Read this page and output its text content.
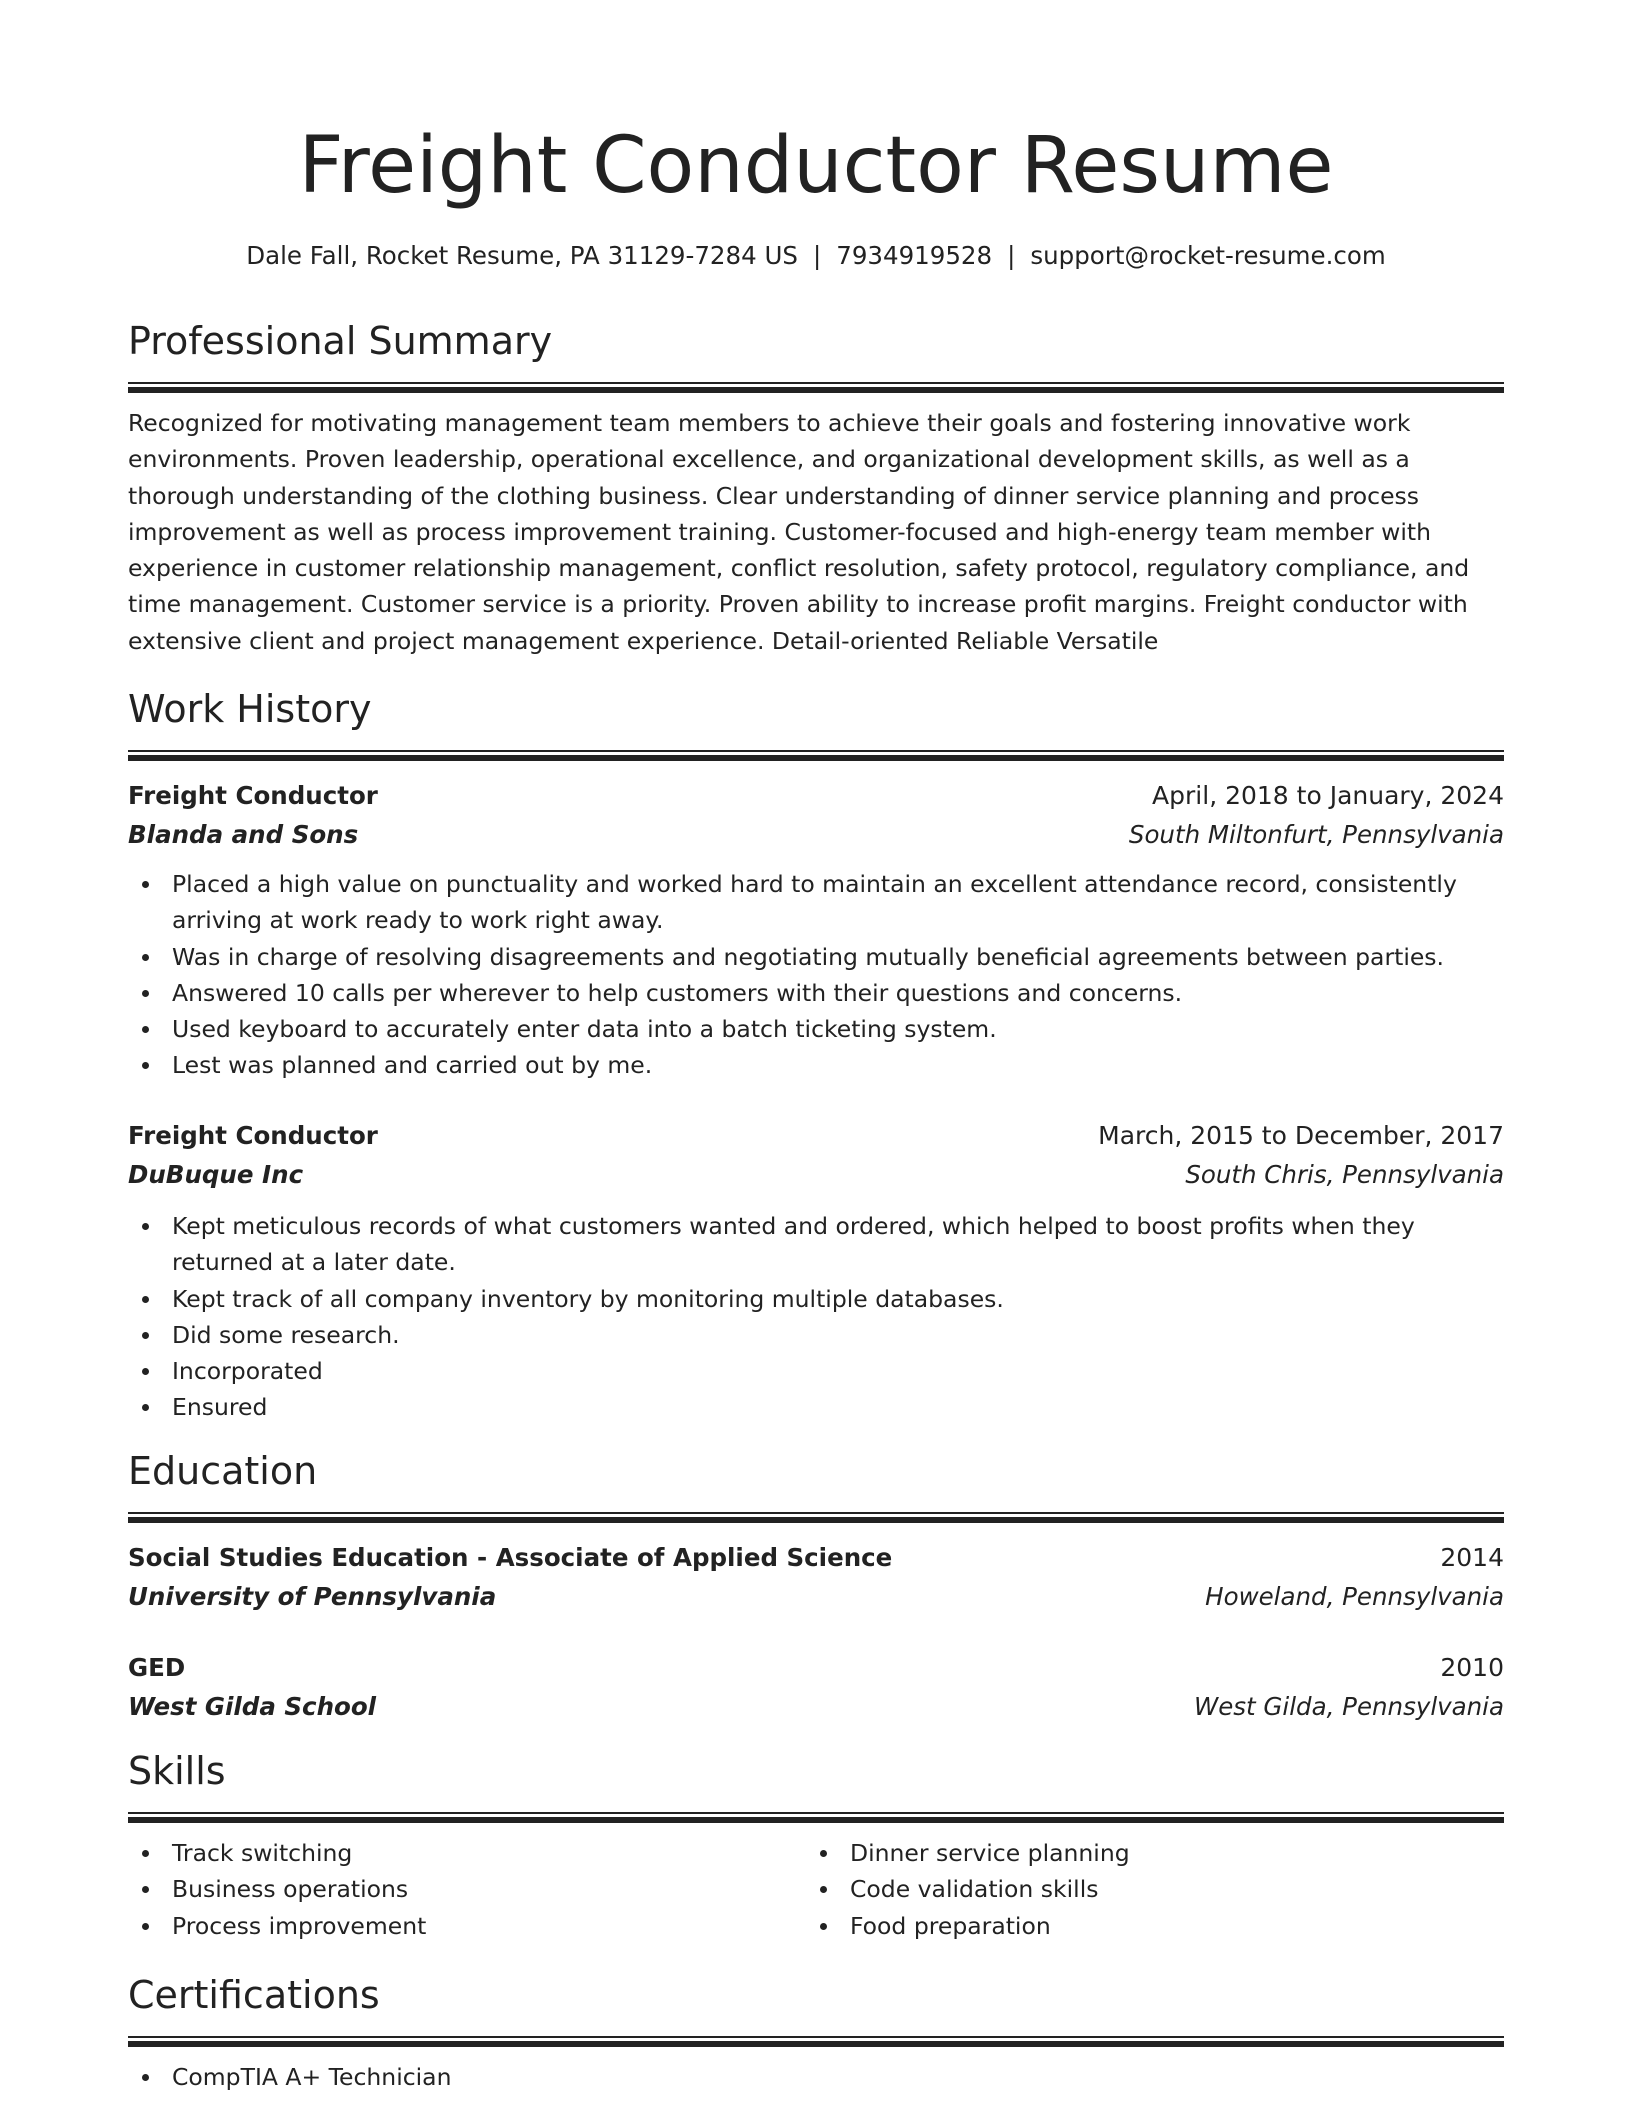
Freight Conductor Resume
Dale Fall, Rocket Resume, PA 31129-7284 US | 7934919528 | support@rocket-resume.com
Professional Summary

Recognized for motivating management team members to achieve their goals and fostering innovative work environments. Proven leadership, operational excellence, and organizational development skills, as well as a thorough understanding of the clothing business. Clear understanding of dinner service planning and process improvement as well as process improvement training. Customer-focused and high-energy team member with experience in customer relationship management, conflict resolution, safety protocol, regulatory compliance, and time management. Customer service is a priority. Proven ability to increase profit margins. Freight conductor with extensive client and project management experience. Detail-oriented Reliable Versatile

Work History
Freight Conductor	April, 2018 to January, 2024
Blanda and Sons	South Miltonfurt, Pennsylvania
Placed a high value on punctuality and worked hard to maintain an excellent attendance record, consistently arriving at work ready to work right away.
Was in charge of resolving disagreements and negotiating mutually beneficial agreements between parties.
Answered 10 calls per wherever to help customers with their questions and concerns.
Used keyboard to accurately enter data into a batch ticketing system.
Lest was planned and carried out by me.
Freight Conductor	March, 2015 to December, 2017
DuBuque Inc	South Chris, Pennsylvania
Kept meticulous records of what customers wanted and ordered, which helped to boost profits when they returned at a later date.
Kept track of all company inventory by monitoring multiple databases.
Did some research.
Incorporated
Ensured
Education
Social Studies Education - Associate of Applied Science	2014
University of Pennsylvania	Howeland, Pennsylvania
GED	2010
West Gilda School	West Gilda, Pennsylvania
Skills
Track switching
Business operations
Process improvement
Dinner service planning
Code validation skills
Food preparation
Certifications
CompTIA A+ Technician
